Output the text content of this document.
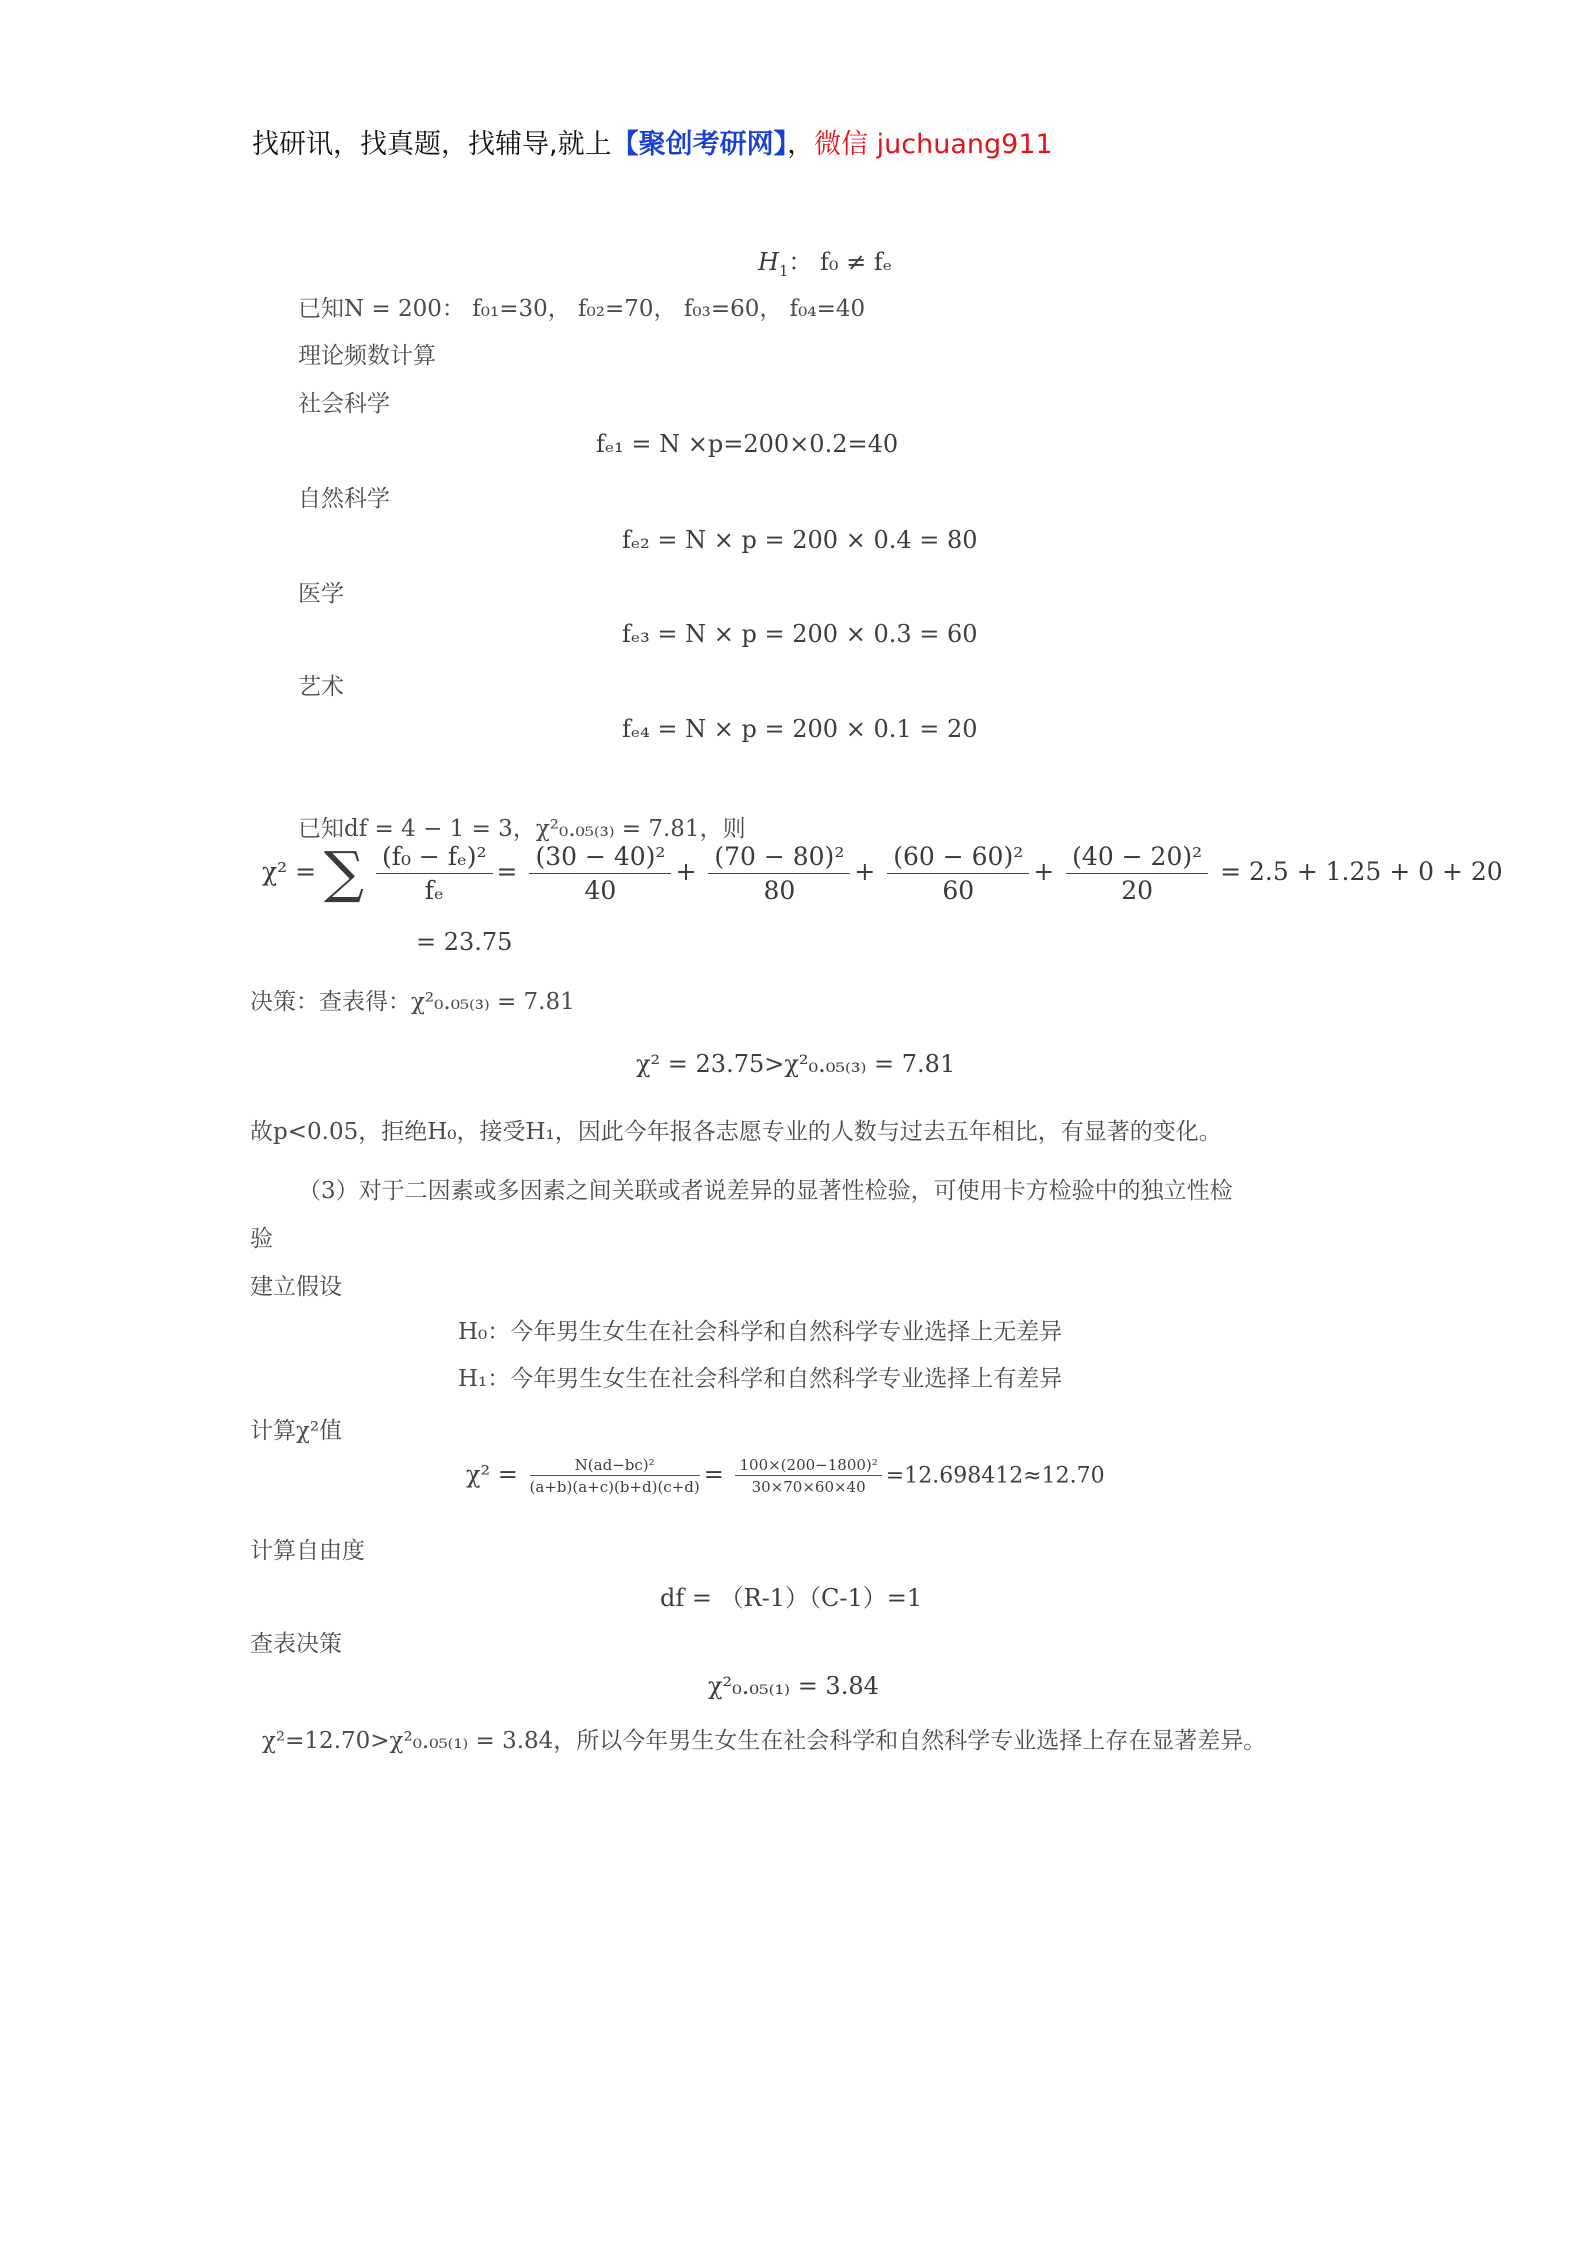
找研讯，找真题，找辅导,就上【聚创考研网】，微信 juchuang911
$H_1$： f₀ ≠ fₑ
已知N = 200： f₀₁=30， f₀₂=70， f₀₃=60， f₀₄=40
理论频数计算
社会科学
fₑ₁ = N ×p=200×0.2=40
自然科学
fₑ₂ = N × p = 200 × 0.4 = 80
医学
fₑ₃ = N × p = 200 × 0.3 = 60
艺术
fₑ₄ = N × p = 200 × 0.1 = 20
已知df = 4 − 1 = 3，χ²₀.₀₅₍₃₎ = 7.81，则
χ² = ∑ $\frac{\text{(f₀ − fₑ)²}}{\text{fₑ}} = \frac{\text{(30 − 40)²}}{40} + \frac{\text{(70 − 80)²}}{80} + \frac{\text{(60 − 60)²}}{60} + \frac{\text{(40 − 20)²}}{20} = 2.5 + 1.25 + 0 + 20$
= 23.75
决策：查表得：χ²₀.₀₅₍₃₎ = 7.81
χ² = 23.75>χ²₀.₀₅₍₃₎ = 7.81
故p<0.05，拒绝H₀，接受H₁，因此今年报各志愿专业的人数与过去五年相比，有显著的变化。
（3）对于二因素或多因素之间关联或者说差异的显著性检验，可使用卡方检验中的独立性检
验
建立假设
H₀：今年男生女生在社会科学和自然科学专业选择上无差异
H₁：今年男生女生在社会科学和自然科学专业选择上有差异
计算χ²值
$\chi^2 = \frac{\text{N(ad−bc)²}}{(a+b)(a+c)(b+d)(c+d)} = \frac{\text{100×(200−1800)²}}{30\times 70\times 60\times 40} =12.698412\approx 12.70$
计算自由度
df = （R-1）（C-1）=1
查表决策
χ²₀.₀₅₍₁₎ = 3.84
χ²=12.70>χ²₀.₀₅₍₁₎ = 3.84，所以今年男生女生在社会科学和自然科学专业选择上存在显著差异。
